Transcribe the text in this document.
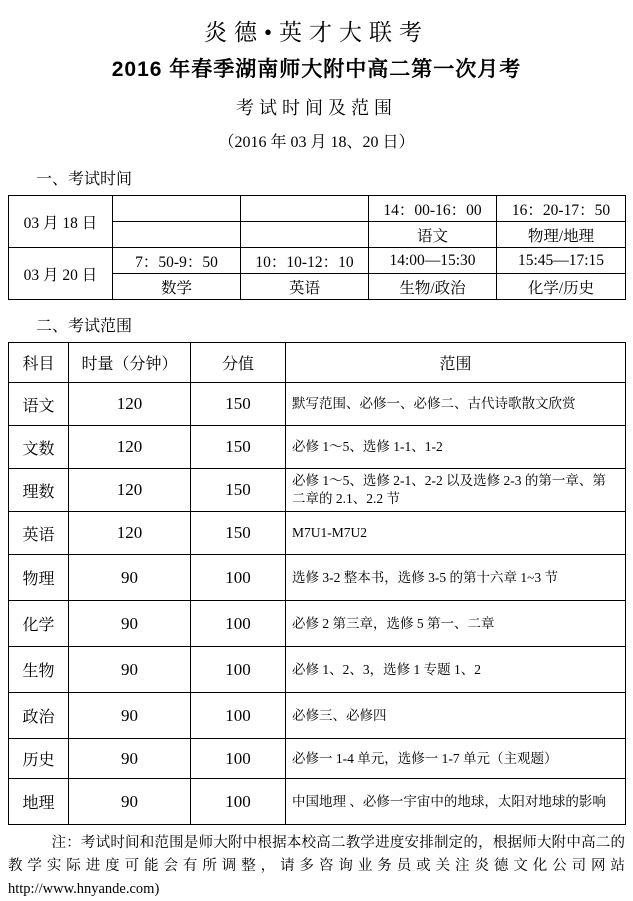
炎德•英才大联考
2016 年春季湖南师大附中高二第一次月考
考试时间及范围
（2016 年 03 月 18、20 日）
一、考试时间
03 月 18 日			14：00-16：00	16：20-17：50
			语文	物理/地理
03 月 20 日	7：50-9：50	10：10-12：10	14:00—15:30	15:45—17:15
	数学	英语	生物/政治	化学/历史
二、考试范围
科目	时量（分钟）	分值	范围
语文	120	150	默写范围、必修一、必修二、古代诗歌散文欣赏
文数	120	150	必修 1～5、选修 1-1、1-2
理数	120	150	必修 1～5、选修 2-1、2-2 以及选修 2-3 的第一章、第二章的 2.1、2.2 节
英语	120	150	M7U1-M7U2
物理	90	100	选修 3-2 整本书，选修 3-5 的第十六章 1~3 节
化学	90	100	必修 2 第三章，选修 5 第一、二章
生物	90	100	必修 1、2、3，选修 1 专题 1、2
政治	90	100	必修三、必修四
历史	90	100	必修一 1-4 单元，选修一 1-7 单元（主观题）
地理	90	100	中国地理 、必修一宇宙中的地球，太阳对地球的影响

注：考试时间和范围是师大附中根据本校高二教学进度安排制定的，根据师大附中高二的教学实际进度可能会有所调整，请多咨询业务员或关注炎德文化公司网站 http://www.hnyande.com)
